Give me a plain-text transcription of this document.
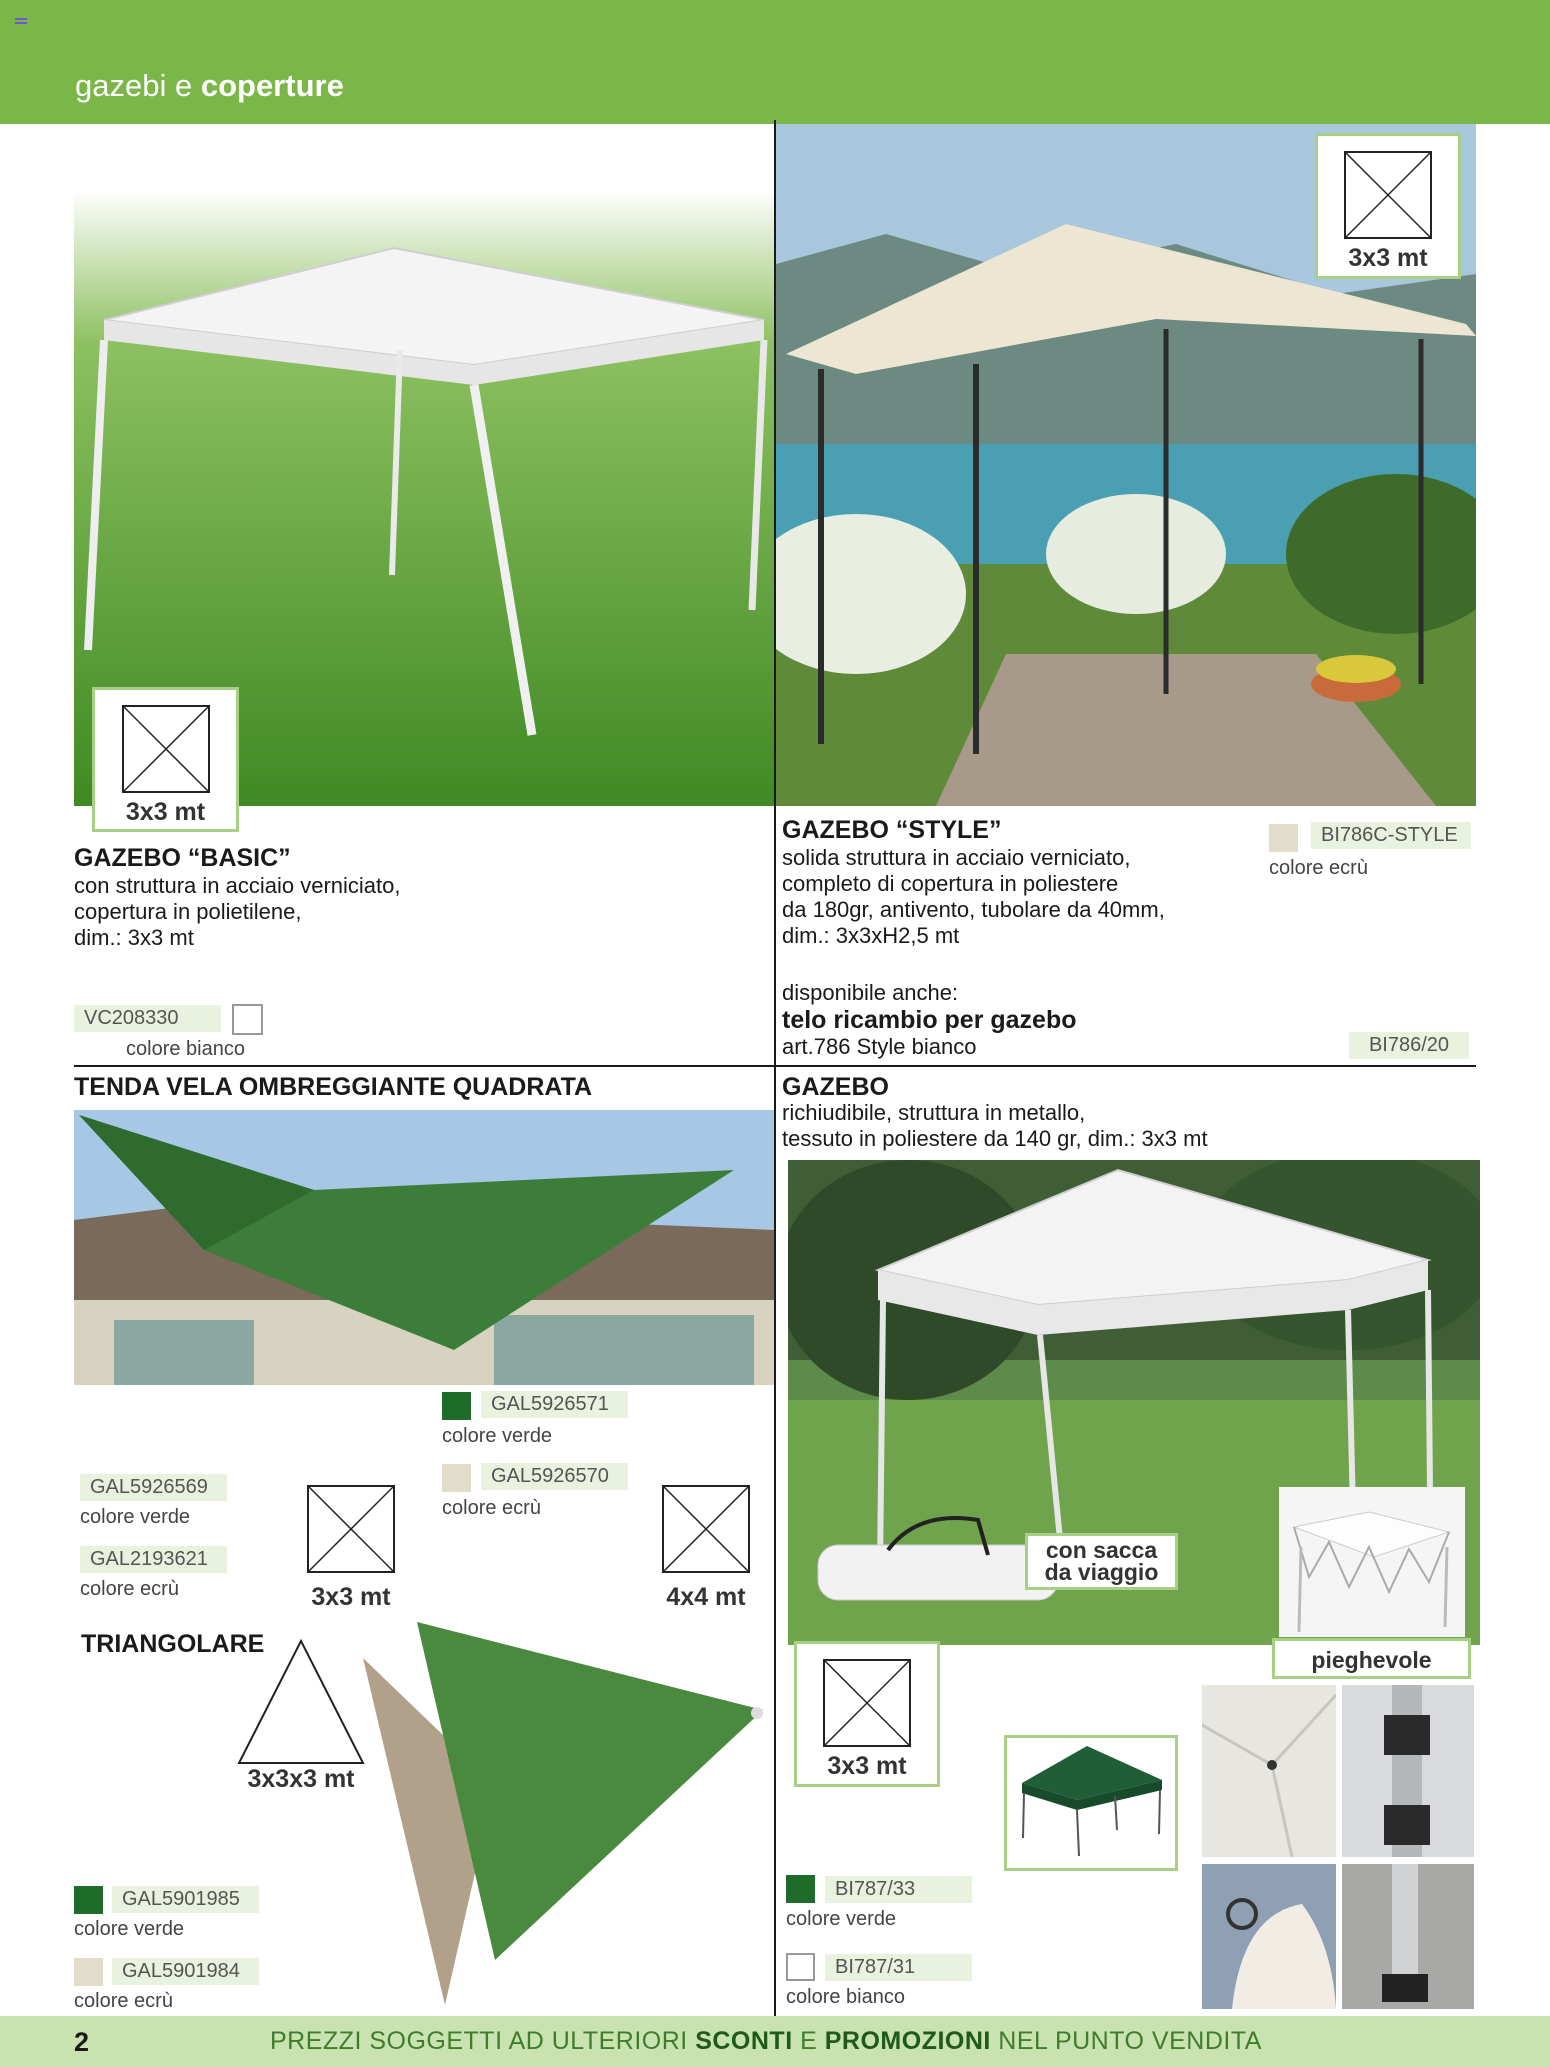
gazebi e coperture
3x3 mt
GAZEBO “BASIC”
con struttura in acciaio verniciato,
copertura in polietilene,
dim.: 3x3 mt
VC208330
colore bianco
3x3 mt
GAZEBO “STYLE”
solida struttura in acciaio verniciato,
completo di copertura in poliestere
da 180gr, antivento, tubolare da 40mm,
dim.: 3x3xH2,5 mt
BI786C-STYLE
colore ecrù
disponibile anche:
telo ricambio per gazebo
art.786 Style bianco	BI786/20
TENDA VELA OMBREGGIANTE QUADRATA
GAL5926571
colore verde
GAL5926570
colore ecrù
GAL5926569
colore verde
GAL2193621
colore ecrù	3x3 mt	4x4 mt
TRIANGOLARE
3x3x3 mt
GAL5901985
colore verde
GAL5901984
colore ecrù
GAZEBO
richiudibile, struttura in metallo,
tessuto in poliestere da 140 gr, dim.: 3x3 mt
con sacca
da viaggio
pieghevole
3x3 mt
BI787/33
colore verde
BI787/31
colore bianco
2	PREZZI SOGGETTI AD ULTERIORI SCONTI E PROMOZIONI NEL PUNTO VENDITA
